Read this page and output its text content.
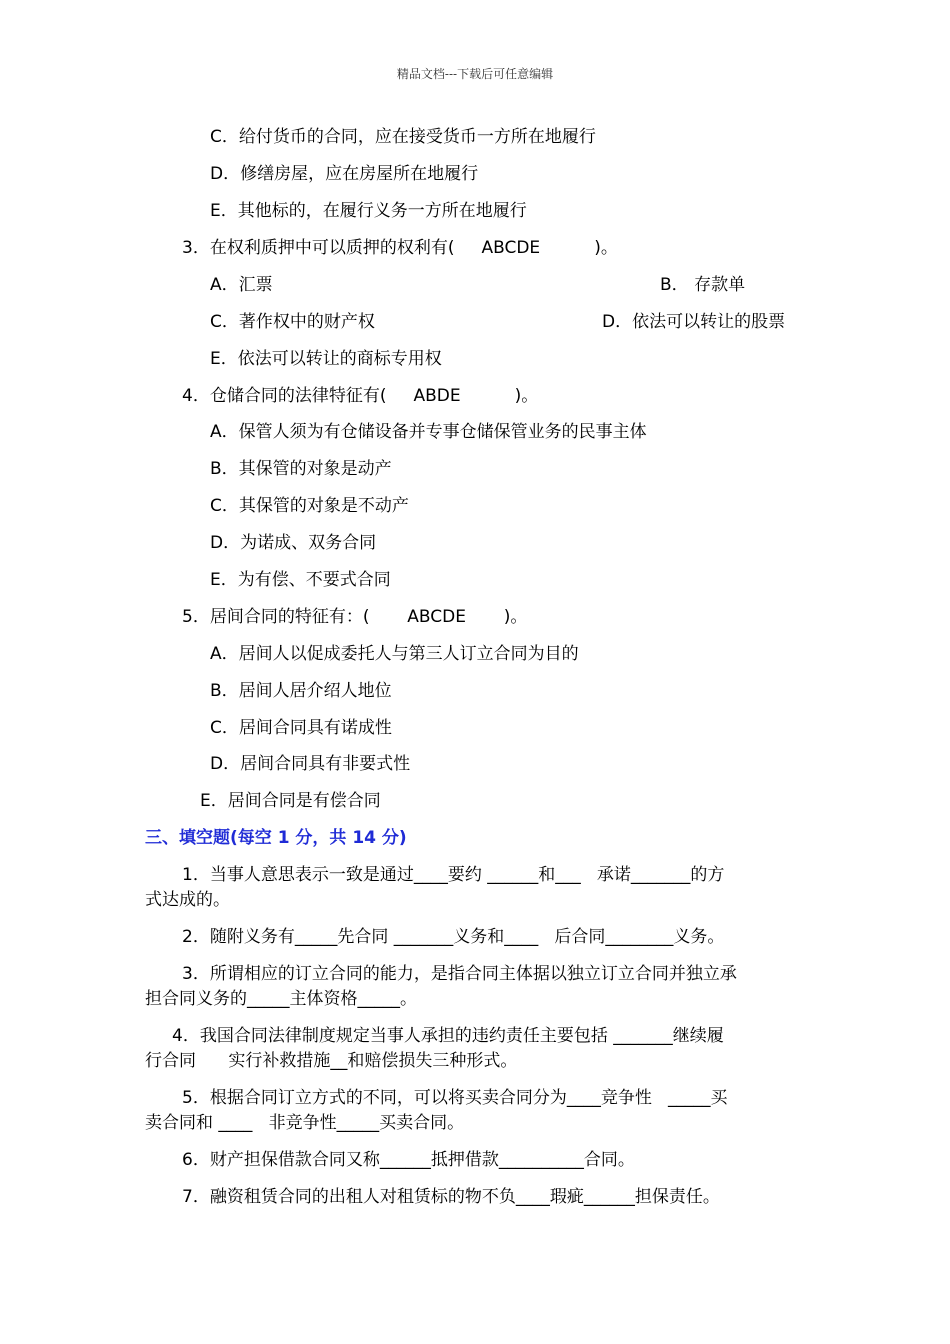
精品文档---下载后可任意编辑
C．给付货币的合同，应在接受货币一方所在地履行
D．修缮房屋，应在房屋所在地履行
E．其他标的，在履行义务一方所在地履行
3．在权利质押中可以质押的权利有(     ABCDE          )。
A．汇票	B． 存款单
C．著作权中的财产权	D．依法可以转让的股票
E．依法可以转让的商标专用权
4．仓储合同的法律特征有(     ABDE          )。
A．保管人须为有仓储设备并专事仓储保管业务的民事主体
B．其保管的对象是动产
C．其保管的对象是不动产
D．为诺成、双务合同
E．为有偿、不要式合同
5．居间合同的特征有：(       ABCDE       )。
A．居间人以促成委托人与第三人订立合同为目的
B．居间人居介绍人地位
C．居间合同具有诺成性
D．居间合同具有非要式性
E．居间合同是有偿合同
三、填空题(每空 1 分，共 14 分)
1．当事人意思表示一致是通过____要约 ______和___   承诺_______的方
式达成的。
2．随附义务有_____先合同 _______义务和____   后合同________义务。
3．所谓相应的订立合同的能力，是指合同主体据以独立订立合同并独立承
担合同义务的_____主体资格_____。
4．我国合同法律制度规定当事人承担的违约责任主要包括 _______继续履
行合同      实行补救措施__和赔偿损失三种形式。
5．根据合同订立方式的不同，可以将买卖合同分为____竞争性   _____买
卖合同和 ____   非竞争性_____买卖合同。
6．财产担保借款合同又称______抵押借款__________合同。
7．融资租赁合同的出租人对租赁标的物不负____瑕疵______担保责任。
